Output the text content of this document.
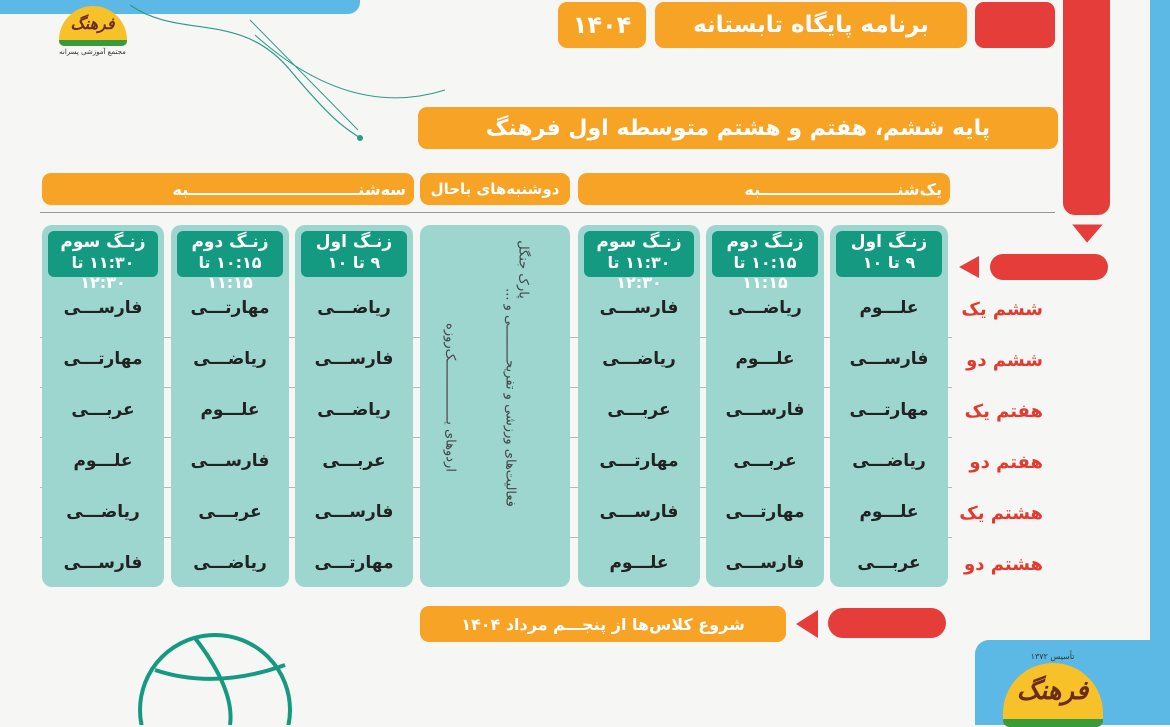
فرهنگ
مجتمع آموزشی پسرانه
تأسیس ۱۳۷۲
فرهنگ
برنامه پایگاه تابستانه
۱۴۰۴
پایه ششم، هفتم و هشتم متوسطه اول فرهنگ
یک‌شنـــــــــــــــــــــــــبه
دوشنبه‌های باحال
سه‌شنـــــــــــــــــــــــــــــــبه
زنـگ اول
۹ تا ۱۰
زنـگ دوم
۱۰:۱۵ تا ۱۱:۱۵
زنـگ سوم
۱۱:۳۰ تا ۱۲:۳۰
فعالیت‌های ورزشی و تفریحـــــــــی و ...
پارک جنگل
اردوهای یــــــــــــــــک‌روزه
زنـگ اول
۹ تا ۱۰
زنـگ دوم
۱۰:۱۵ تا ۱۱:۱۵
زنـگ سوم
۱۱:۳۰ تا ۱۲:۳۰
ششم یک
ششم دو
هفتم یک
هفتم دو
هشتم یک
هشتم دو
علـــوم
ریاضـــی
فارســـی
فارســـی
علـــوم
ریاضـــی
مهارتـــی
فارســـی
عربـــی
ریاضـــی
عربـــی
مهارتـــی
علـــوم
مهارتـــی
فارســـی
عربـــی
فارســـی
علـــوم
ریاضـــی
مهارتـــی
فارســـی
فارســـی
ریاضـــی
مهارتـــی
ریاضـــی
علـــوم
عربـــی
عربـــی
فارســـی
علـــوم
فارســـی
عربـــی
ریاضـــی
مهارتـــی
ریاضـــی
فارســـی
شروع کلاس‌ها از پنجـــم مرداد ۱۴۰۴
